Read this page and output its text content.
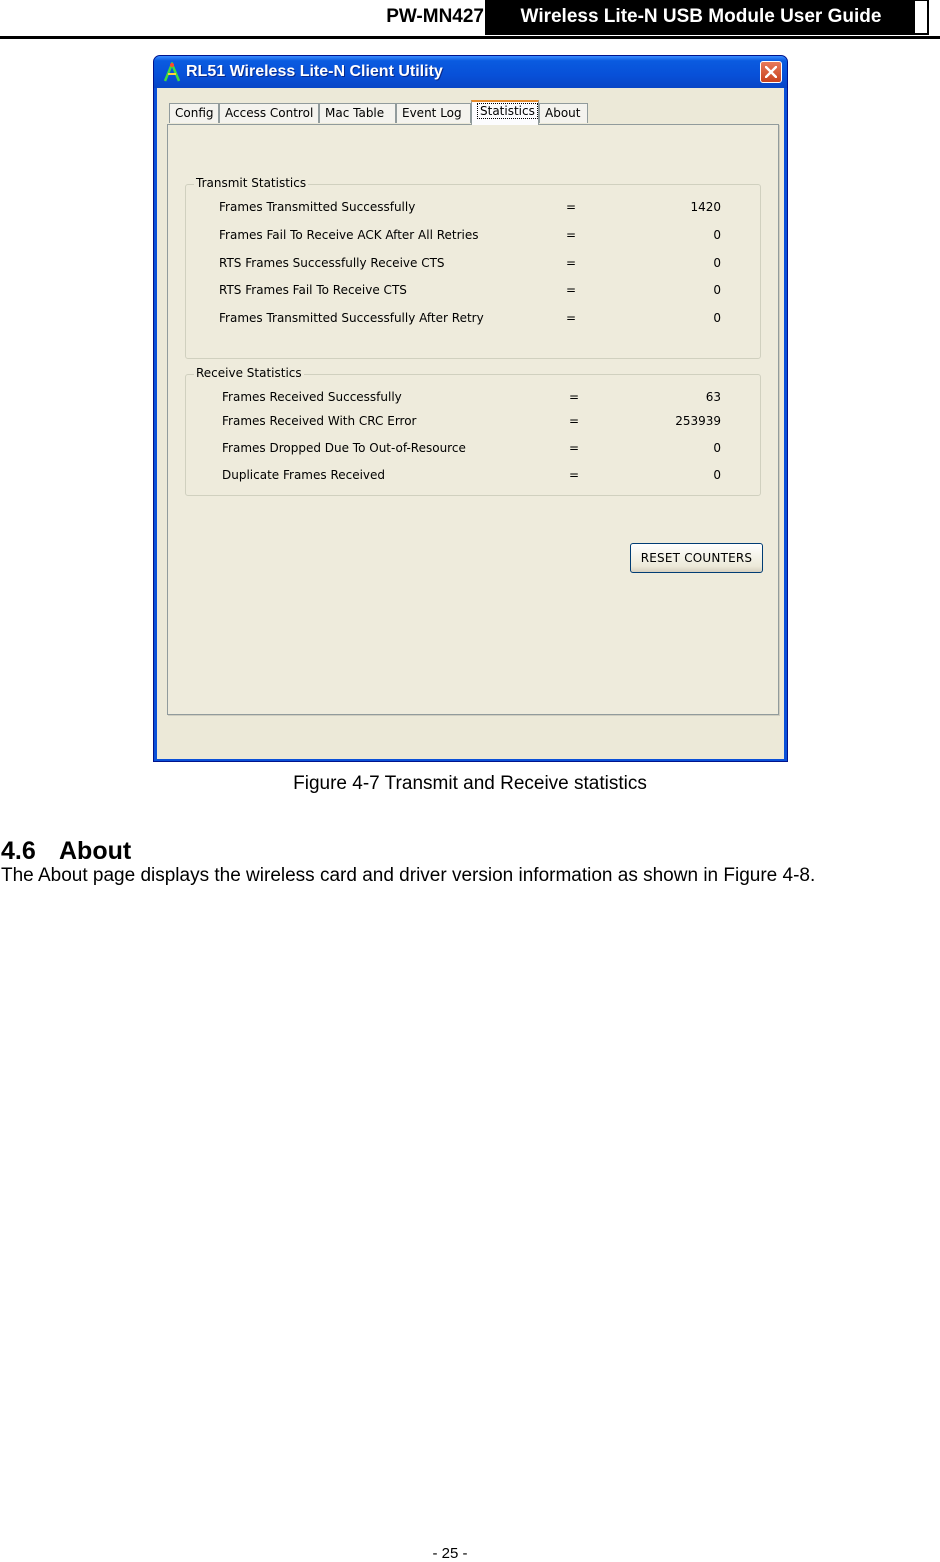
PW-MN427	Wireless Lite-N USB Module User Guide
RL51 Wireless Lite-N Client Utility
Config Access Control Mac Table	Event Log	Statistics About
Transmit Statistics
Frames Transmitted Successfully	=	1420
Frames Fail To Receive ACK After All Retries	=	0
RTS Frames Successfully Receive CTS	=	0
RTS Frames Fail To Receive CTS	=	0
Frames Transmitted Successfully After Retry	=	0
Receive Statistics
Frames Received Successfully	=	63
Frames Received With CRC Error	=	253939
Frames Dropped Due To Out-of-Resource	=	0
Duplicate Frames Received	=	0
RESET COUNTERS
Figure 4-7 Transmit and Receive statistics
4.6 About
The About page displays the wireless card and driver version information as shown in Figure 4-8.
- 25 -
